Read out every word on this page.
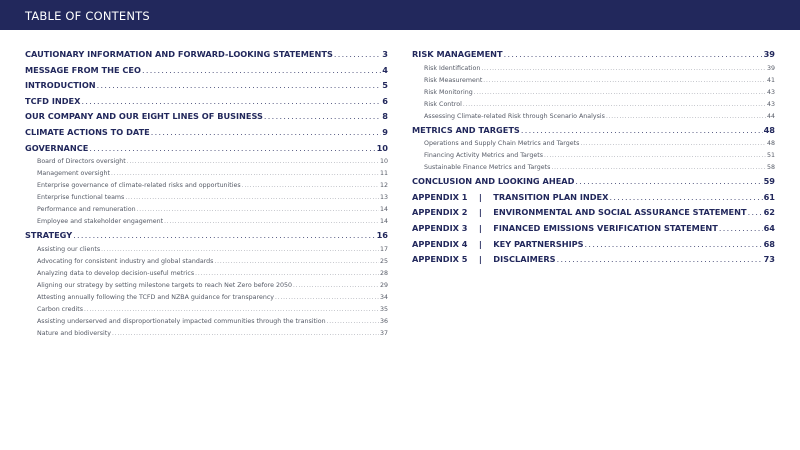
TABLE OF CONTENTS
CAUTIONARY INFORMATION AND FORWARD-LOOKING STATEMENTS . . .	3
MESSAGE FROM THE CEO . . .	4
INTRODUCTION . . .	5
TCFD INDEX . . .	6
OUR COMPANY AND OUR EIGHT LINES OF BUSINESS . . .	8
CLIMATE ACTIONS TO DATE . . .	9
GOVERNANCE . . .	10
Board of Directors oversight . . .	10
Management oversight . . .	11
Enterprise governance of climate-related risks and opportunities . . .	12
Enterprise functional teams . . .	13
Performance and remuneration . . .	14
Employee and stakeholder engagement . . .	14
STRATEGY . . .	16
Assisting our clients . . .	17
Advocating for consistent industry and global standards . . .	25
Analyzing data to develop decision-useful metrics . . .	28
Aligning our strategy by setting milestone targets to reach Net Zero before 2050 . . .	29
Attesting annually following the TCFD and NZBA guidance for transparency . . .	34
Carbon credits . . .	35
Assisting underserved and disproportionately impacted communities through the transition . . .	36
Nature and biodiversity . . .	37
RISK MANAGEMENT . . .	39
Risk Identification . . .	39
Risk Measurement . . .	41
Risk Monitoring . . .	43
Risk Control . . .	43
Assessing Climate-related Risk through Scenario Analysis . . .	44
METRICS AND TARGETS . . .	48
Operations and Supply Chain Metrics and Targets . . .	48
Financing Activity Metrics and Targets . . .	51
Sustainable Finance Metrics and Targets . . .	58
CONCLUSION AND LOOKING AHEAD . . .	59
APPENDIX 1    |    TRANSITION PLAN INDEX . . .	61
APPENDIX 2    |    ENVIRONMENTAL AND SOCIAL ASSURANCE STATEMENT . . . 62
APPENDIX 3    |    FINANCED EMISSIONS VERIFICATION STATEMENT . . .	64
APPENDIX 4    |    KEY PARTNERSHIPS . . .	68
APPENDIX 5    |    DISCLAIMERS . . .	73
